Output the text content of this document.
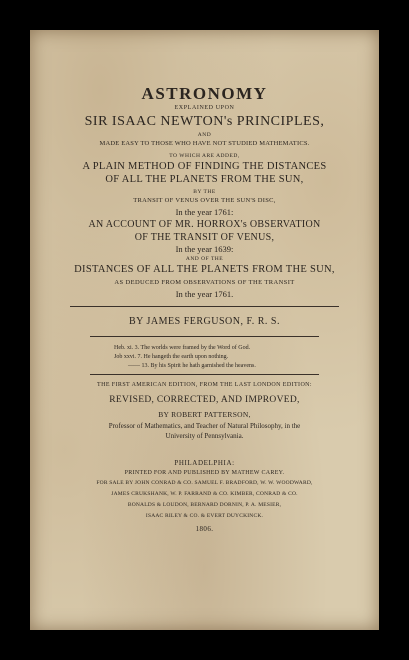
ASTRONOMY
EXPLAINED UPON
SIR ISAAC NEWTON's PRINCIPLES,
AND
MADE EASY TO THOSE WHO HAVE NOT STUDIED MATHEMATICS.
TO WHICH ARE ADDED,
A PLAIN METHOD OF FINDING THE DISTANCES
OF ALL THE PLANETS FROM THE SUN,
BY THE
TRANSIT OF VENUS OVER THE SUN'S DISC,
In the year 1761:
AN ACCOUNT OF MR. HORROX's OBSERVATION
OF THE TRANSIT OF VENUS,
In the year 1639:
AND OF THE
DISTANCES OF ALL THE PLANETS FROM THE SUN,
AS DEDUCED FROM OBSERVATIONS OF THE TRANSIT
In the year 1761.
BY JAMES FERGUSON, F. R. S.
Heb. xi. 3. The worlds were framed by the Word of God.
Job xxvi. 7. He hangeth the earth upon nothing.
—— 13. By his Spirit he hath garnished the heavens.
THE FIRST AMERICAN EDITION, FROM THE LAST LONDON EDITION:
REVISED, CORRECTED, AND IMPROVED,
BY ROBERT PATTERSON,
Professor of Mathematics, and Teacher of Natural Philosophy, in the
University of Pennsylvania.
PHILADELPHIA:
PRINTED FOR AND PUBLISHED BY MATHEW CAREY.
FOR SALE BY JOHN CONRAD & CO. SAMUEL F. BRADFORD, W. W. WOODWARD,
JAMES CRUKSHANK, W. P. FARRAND & CO. KIMBER, CONRAD & CO.
BONALDS & LOUDON, BERNARD DORNIN, P. A. MESIER,
ISAAC RILEY & CO. & EVERT DUYCKINCK.
1806.
